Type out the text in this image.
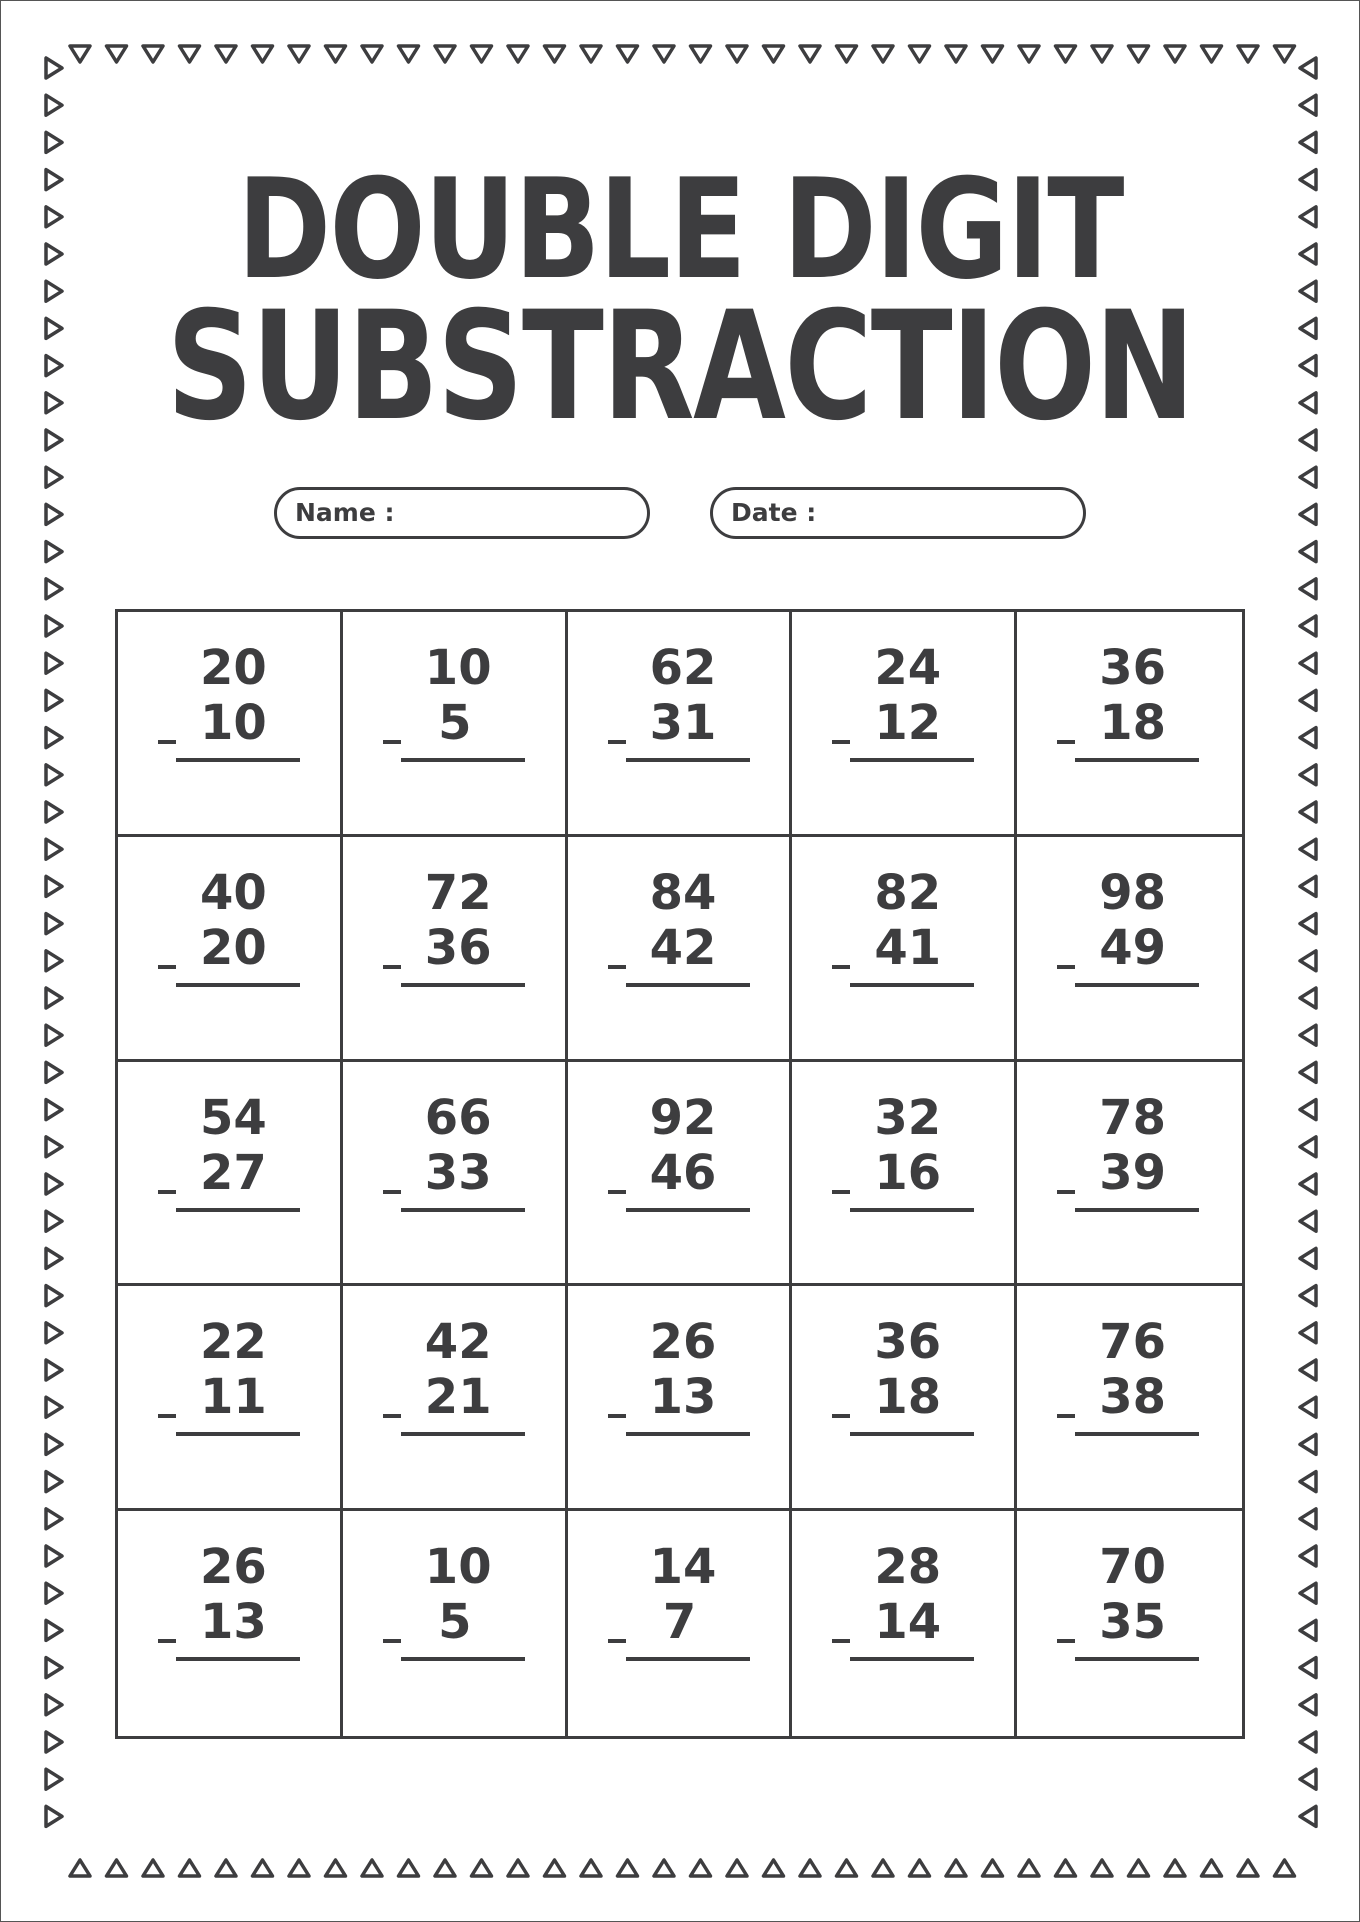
DOUBLE DIGIT
SUBSTRACTION
Name :	Date :
20
10
10
5
62
31
24
12
36
18
40
20
72
36
84
42
82
41
98
49
54
27
66
33
92
46
32
16
78
39
22
11
42
21
26
13
36
18
76
38
26
13
10
5
14
7
28
14
70
35
